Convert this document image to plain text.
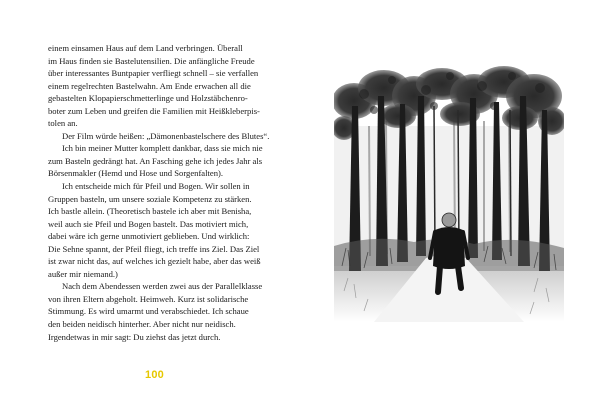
einem einsamen Haus auf dem Land verbringen. Überall

im Haus finden sie Bastelutensilien. Die anfängliche Freude

über interessantes Buntpapier verfliegt schnell – sie verfallen

einem regelrechten Bastelwahn. Am Ende erwachen all die

gebastelten Klopapierschmetterlinge und Holzstäbchenro-

boter zum Leben und greifen die Familien mit Heißkleberpis-

tolen an.

Der Film würde heißen: „Dämonenbastelschere des Blutes“.

Ich bin meiner Mutter komplett dankbar, dass sie mich nie

zum Basteln gedrängt hat. An Fasching gehe ich jedes Jahr als

Börsenmakler (Hemd und Hose und Sorgenfalten).

Ich entscheide mich für Pfeil und Bogen. Wir sollen in

Gruppen basteln, um unsere soziale Kompetenz zu stärken.

Ich bastle allein. (Theoretisch bastele ich aber mit Benisha,

weil auch sie Pfeil und Bogen bastelt. Das motiviert mich,

dabei wäre ich gerne unmotiviert geblieben. Und wirklich:

Die Sehne spannt, der Pfeil fliegt, ich treffe ins Ziel. Das Ziel

ist zwar nicht das, auf welches ich gezielt habe, aber das weiß

außer mir niemand.)

Nach dem Abendessen werden zwei aus der Parallelklasse

von ihren Eltern abgeholt. Heimweh. Kurz ist solidarische

Stimmung. Es wird umarmt und verabschiedet. Ich schaue

den beiden neidisch hinterher. Aber nicht nur neidisch.

Irgendetwas in mir sagt: Du ziehst das jetzt durch.

100
